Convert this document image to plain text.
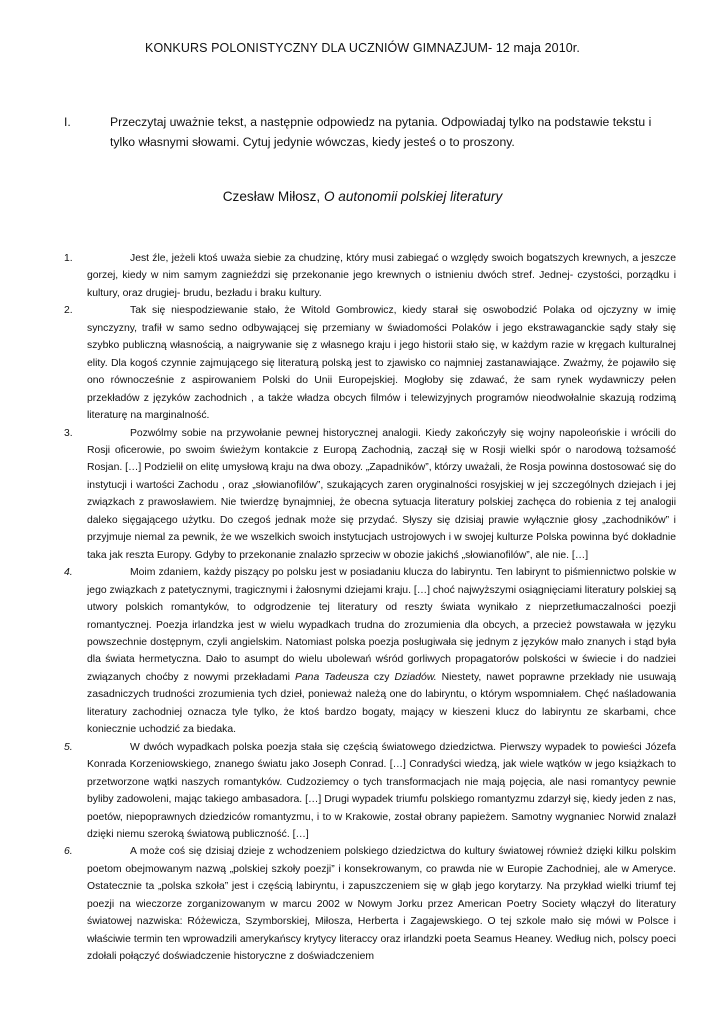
KONKURS POLONISTYCZNY DLA UCZNIÓW GIMNAZJUM- 12 maja 2010r.
I.	Przeczytaj uważnie tekst, a następnie odpowiedz na pytania. Odpowiadaj tylko na podstawie tekstu i tylko własnymi słowami. Cytuj jedynie wówczas, kiedy jesteś o to proszony.
Czesław Miłosz, O autonomii polskiej literatury
1.	Jest źle, jeżeli ktoś uważa siebie za chudzinę, który musi zabiegać o względy swoich bogatszych krewnych, a jeszcze gorzej, kiedy w nim samym zagnieździ się przekonanie jego krewnych o istnieniu dwóch stref. Jednej- czystości, porządku i kultury, oraz drugiej- brudu, bezładu i braku kultury.
2.	Tak się niespodziewanie stało, że Witold Gombrowicz, kiedy starał się oswobodzić Polaka od ojczyzny w imię synczyzny, trafił w samo sedno odbywającej się przemiany w świadomości Polaków i jego ekstrawaganckie sądy stały się szybko publiczną własnością, a naigrywanie się z własnego kraju i jego historii stało się, w każdym razie w kręgach kulturalnej elity. Dla kogoś czynnie zajmującego się literaturą polską jest to zjawisko co najmniej zastanawiające. Zważmy, że pojawiło się ono równocześnie z aspirowaniem Polski do Unii Europejskiej. Mogłoby się zdawać, że sam rynek wydawniczy pełen przekładów z języków zachodnich , a także władza obcych filmów i telewizyjnych programów nieodwołalnie skazują rodzimą literaturę na marginalność.
3.	Pozwólmy sobie na przywołanie pewnej historycznej analogii. Kiedy zakończyły się wojny napoleońskie i wrócili do Rosji oficerowie, po swoim świeżym kontakcie z Europą Zachodnią, zaczął się w Rosji wielki spór o narodową tożsamość Rosjan. […] Podzielił on elitę umysłową kraju na dwa obozy. „Zapadników”, którzy uważali, że Rosja powinna dostosować się do instytucji i wartości Zachodu , oraz „słowianofilów”, szukających zaren oryginalności rosyjskiej w jej szczególnych dziejach i jej związkach z prawosławiem. Nie twierdzę bynajmniej, że obecna sytuacja literatury polskiej zachęca do robienia z tej analogii daleko sięgającego użytku. Do czegoś jednak może się przydać. Słyszy się dzisiaj prawie wyłącznie głosy „zachodników” i przyjmuje niemal za pewnik, że we wszelkich swoich instytucjach ustrojowych i w swojej kulturze Polska powinna być dokładnie taka jak reszta Europy. Gdyby to przekonanie znalazło sprzeciw w obozie jakichś „słowianofilów”, ale nie. […]
4.	Moim zdaniem, każdy piszący po polsku jest w posiadaniu klucza do labiryntu. Ten labirynt to piśmiennictwo polskie w jego związkach z patetycznymi, tragicznymi i żałosnymi dziejami kraju. […] choć najwyższymi osiągnięciami literatury polskiej są utwory polskich romantyków, to odgrodzenie tej literatury od reszty świata wynikało z nieprzetłumaczalności poezji romantycznej. Poezja irlandzka jest w wielu wypadkach trudna do zrozumienia dla obcych, a przecież powstawała w języku powszechnie dostępnym, czyli angielskim. Natomiast polska poezja posługiwała się jednym z języków mało znanych i stąd była dla świata hermetyczna. Dało to asumpt do wielu ubolewań wśród gorliwych propagatorów polskości w świecie i do nadziei związanych choćby z nowymi przekładami Pana Tadeusza czy Dziadów. Niestety, nawet poprawne przekłady nie usuwają zasadniczych trudności zrozumienia tych dzieł, ponieważ należą one do labiryntu, o którym wspomniałem. Chęć naśladowania literatury zachodniej oznacza tyle tylko, że ktoś bardzo bogaty, mający w kieszeni klucz do labiryntu ze skarbami, chce koniecznie uchodzić za biedaka.
5.	W dwóch wypadkach polska poezja stała się częścią światowego dziedzictwa. Pierwszy wypadek to powieści Józefa Konrada Korzeniowskiego, znanego światu jako Joseph Conrad. […] Conradyści wiedzą, jak wiele wątków w jego książkach to przetworzone wątki naszych romantyków. Cudzoziemcy o tych transformacjach nie mają pojęcia, ale nasi romantycy pewnie byliby zadowoleni, mając takiego ambasadora. […] Drugi wypadek triumfu polskiego romantyzmu zdarzył się, kiedy jeden z nas, poetów, niepoprawnych dziedziców romantyzmu, i to w Krakowie, został obrany papieżem. Samotny wygnaniec Norwid znalazł dzięki niemu szeroką światową publiczność. […]
6.	A może coś się dzisiaj dzieje z wchodzeniem polskiego dziedzictwa do kultury światowej również dzięki kilku polskim poetom obejmowanym nazwą „polskiej szkoły poezji” i konsekrowanym, co prawda nie w Europie Zachodniej, ale w Ameryce. Ostatecznie ta „polska szkoła” jest i częścią labiryntu, i zapuszczeniem się w głąb jego korytarzy. Na przykład wielki triumf tej poezji na wieczorze zorganizowanym w marcu 2002 w Nowym Jorku przez American Poetry Society włączył do literatury światowej nazwiska: Różewicza, Szymborskiej, Miłosza, Herberta i Zagajewskiego. O tej szkole mało się mówi w Polsce i właściwie termin ten wprowadzili amerykańscy krytycy literaccy oraz irlandzki poeta Seamus Heaney. Według nich, polscy poeci zdołali połączyć doświadczenie historyczne z doświadczeniem
